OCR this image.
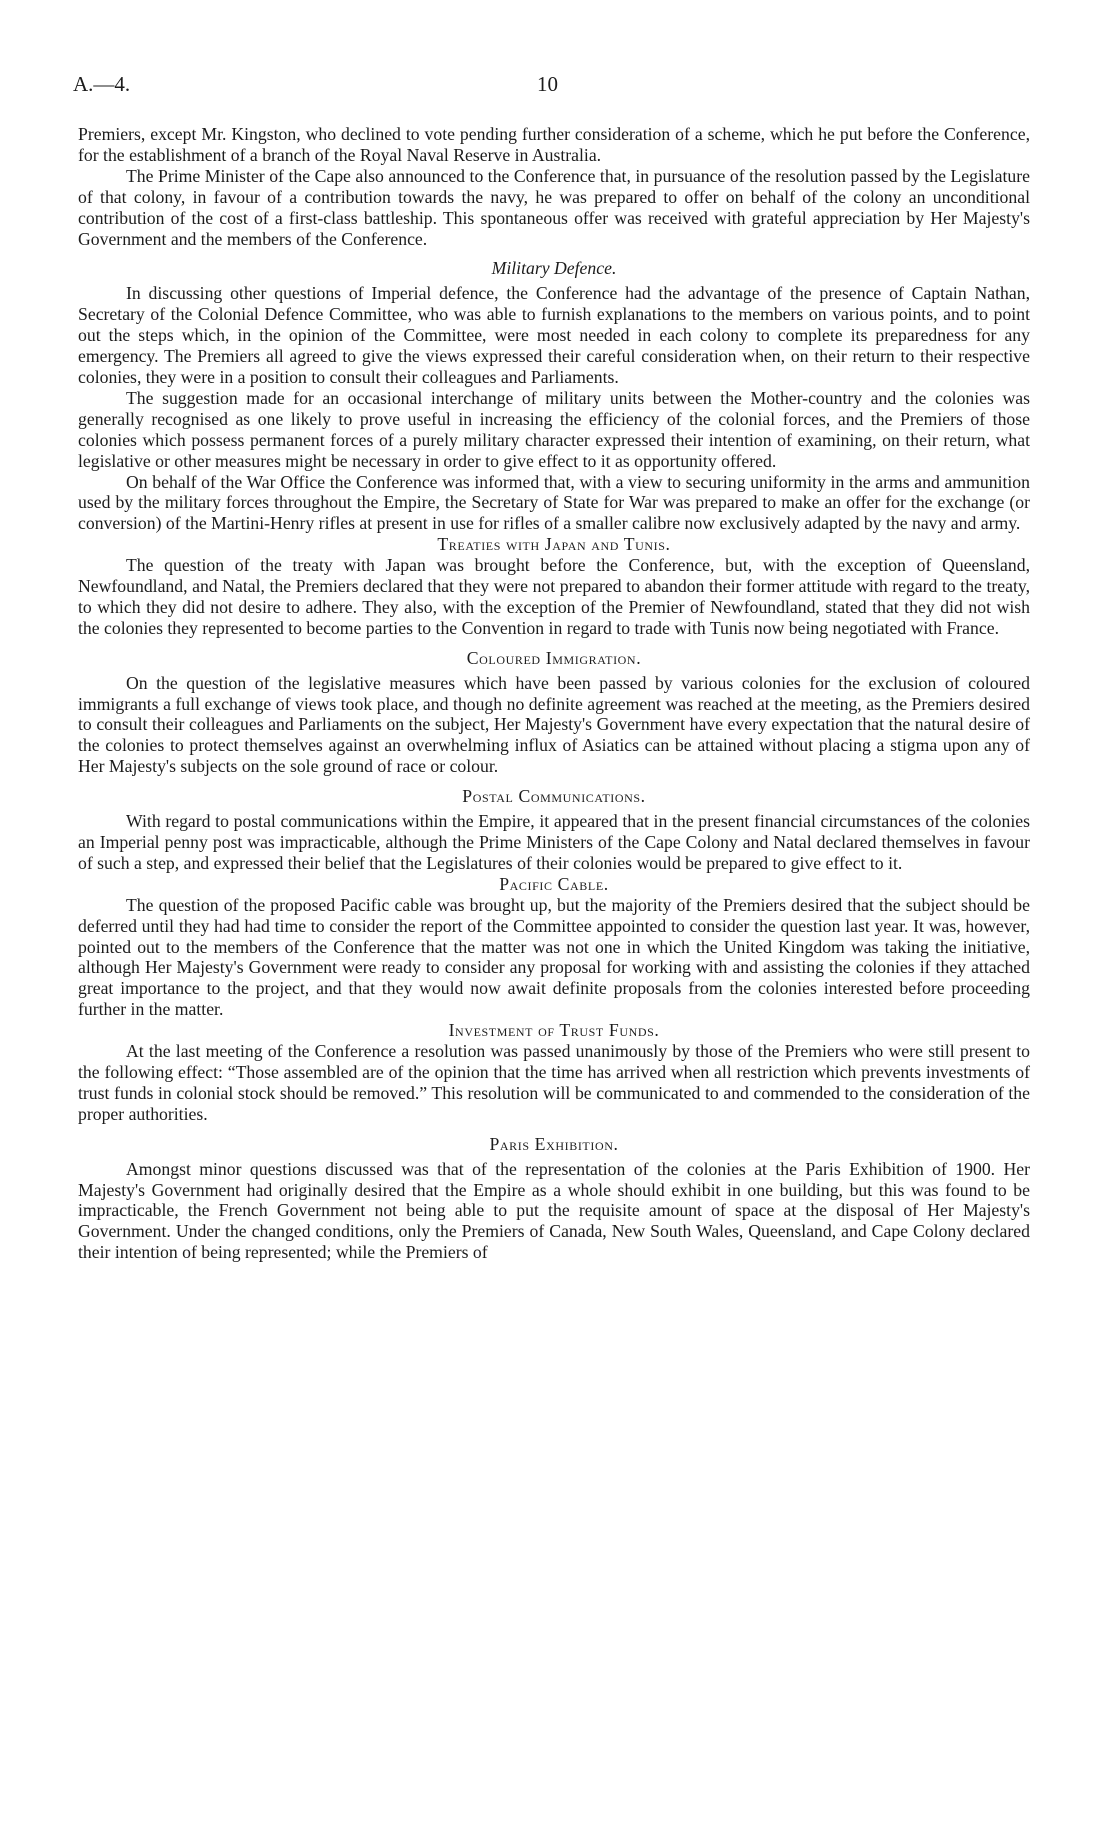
A.—4.	10

Premiers, except Mr. Kingston, who declined to vote pending further consideration of a scheme, which he put before the Conference, for the establishment of a branch of the Royal Naval Reserve in Australia.

The Prime Minister of the Cape also announced to the Conference that, in pursuance of the resolution passed by the Legislature of that colony, in favour of a contribution towards the navy, he was prepared to offer on behalf of the colony an unconditional contribution of the cost of a first-class battleship. This spontaneous offer was received with grateful appreciation by Her Majesty's Government and the members of the Conference.

Military Defence.

In discussing other questions of Imperial defence, the Conference had the advantage of the presence of Captain Nathan, Secretary of the Colonial Defence Committee, who was able to furnish explanations to the members on various points, and to point out the steps which, in the opinion of the Committee, were most needed in each colony to complete its preparedness for any emergency. The Premiers all agreed to give the views expressed their careful consideration when, on their return to their respective colonies, they were in a position to consult their colleagues and Parliaments.

The suggestion made for an occasional interchange of military units between the Mother-country and the colonies was generally recognised as one likely to prove useful in increasing the efficiency of the colonial forces, and the Premiers of those colonies which possess permanent forces of a purely military character expressed their intention of examining, on their return, what legislative or other measures might be necessary in order to give effect to it as opportunity offered.

On behalf of the War Office the Conference was informed that, with a view to securing uniformity in the arms and ammunition used by the military forces throughout the Empire, the Secretary of State for War was prepared to make an offer for the exchange (or conversion) of the Martini-Henry rifles at present in use for rifles of a smaller calibre now exclusively adapted by the navy and army.

Treaties with Japan and Tunis.

The question of the treaty with Japan was brought before the Conference, but, with the exception of Queensland, Newfoundland, and Natal, the Premiers declared that they were not prepared to abandon their former attitude with regard to the treaty, to which they did not desire to adhere. They also, with the exception of the Premier of Newfoundland, stated that they did not wish the colonies they represented to become parties to the Convention in regard to trade with Tunis now being negotiated with France.

Coloured Immigration.

On the question of the legislative measures which have been passed by various colonies for the exclusion of coloured immigrants a full exchange of views took place, and though no definite agreement was reached at the meeting, as the Premiers desired to consult their colleagues and Parliaments on the subject, Her Majesty's Government have every expectation that the natural desire of the colonies to protect themselves against an overwhelming influx of Asiatics can be attained without placing a stigma upon any of Her Majesty's subjects on the sole ground of race or colour.

Postal Communications.

With regard to postal communications within the Empire, it appeared that in the present financial circumstances of the colonies an Imperial penny post was impracticable, although the Prime Ministers of the Cape Colony and Natal declared themselves in favour of such a step, and expressed their belief that the Legislatures of their colonies would be prepared to give effect to it.

Pacific Cable.

The question of the proposed Pacific cable was brought up, but the majority of the Premiers desired that the subject should be deferred until they had had time to consider the report of the Committee appointed to consider the question last year. It was, however, pointed out to the members of the Conference that the matter was not one in which the United Kingdom was taking the initiative, although Her Majesty's Government were ready to consider any proposal for working with and assisting the colonies if they attached great importance to the project, and that they would now await definite proposals from the colonies interested before proceeding further in the matter.

Investment of Trust Funds.

At the last meeting of the Conference a resolution was passed unanimously by those of the Premiers who were still present to the following effect: “Those assembled are of the opinion that the time has arrived when all restriction which prevents investments of trust funds in colonial stock should be removed.” This resolution will be communicated to and commended to the consideration of the proper authorities.

Paris Exhibition.

Amongst minor questions discussed was that of the representation of the colonies at the Paris Exhibition of 1900. Her Majesty's Government had originally desired that the Empire as a whole should exhibit in one building, but this was found to be impracticable, the French Government not being able to put the requisite amount of space at the disposal of Her Majesty's Government. Under the changed conditions, only the Premiers of Canada, New South Wales, Queensland, and Cape Colony declared their intention of being represented; while the Premiers of
